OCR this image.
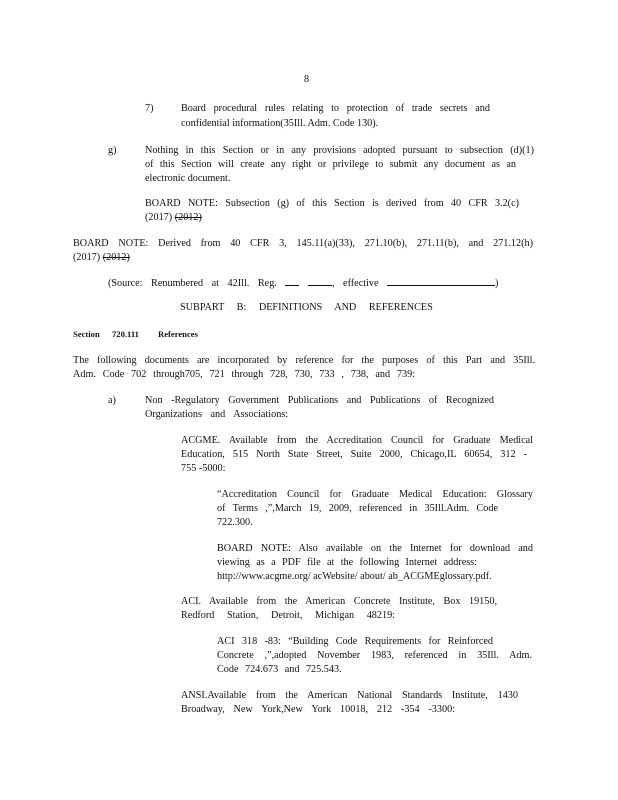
8
7)	Board procedural rules relating to protection of trade secrets and
confidential information(35Ill. Adm. Code 130).
g)	Nothing in this Section or in any provisions adopted pursuant to subsection (d)(1)
of this Section will create any right or privilege to submit any document as an
electronic document.
BOARD NOTE: Subsection (g) of this Section is derived from 40 CFR 3.2(c)
(2017) (2012)
BOARD NOTE: Derived from 40 CFR 3, 145.11(a)(33), 271.10(b), 271.11(b), and 271.12(h)
(2017) (2012)
(Source: Renumbered at 42Ill. Reg.	, effective	)
SUBPART B: DEFINITIONS AND REFERENCES
Section 720.111 References
The following documents are incorporated by reference for the purposes of this Part and 35Ill.
Adm. Code 702 through705, 721 through 728, 730, 733 , 738, and 739:
a)	Non -Regulatory Government Publications and Publications of Recognized
Organizations and Associations:
ACGME. Available from the Accreditation Council for Graduate Medical
Education, 515 North State Street, Suite 2000, Chicago,IL 60654, 312 -
755 -5000:
“Accreditation Council for Graduate Medical Education: Glossary
of Terms ,”,March 19, 2009, referenced in 35Ill.Adm. Code
722.300.
BOARD NOTE: Also available on the Internet for download and
viewing as a PDF file at the following Internet address:
http://www.acgme.org/ acWebsite/ about/ ab_ACGMEglossary.pdf.
ACI. Available from the American Concrete Institute, Box 19150,
Redford Station, Detroit, Michigan 48219:
ACI 318 -83: “Building Code Requirements for Reinforced
Concrete ,”,adopted November 1983, referenced in 35Ill. Adm.
Code 724.673 and 725.543.
ANSI.Available from the American National Standards Institute, 1430
Broadway, New York,New York 10018, 212 -354 -3300:
